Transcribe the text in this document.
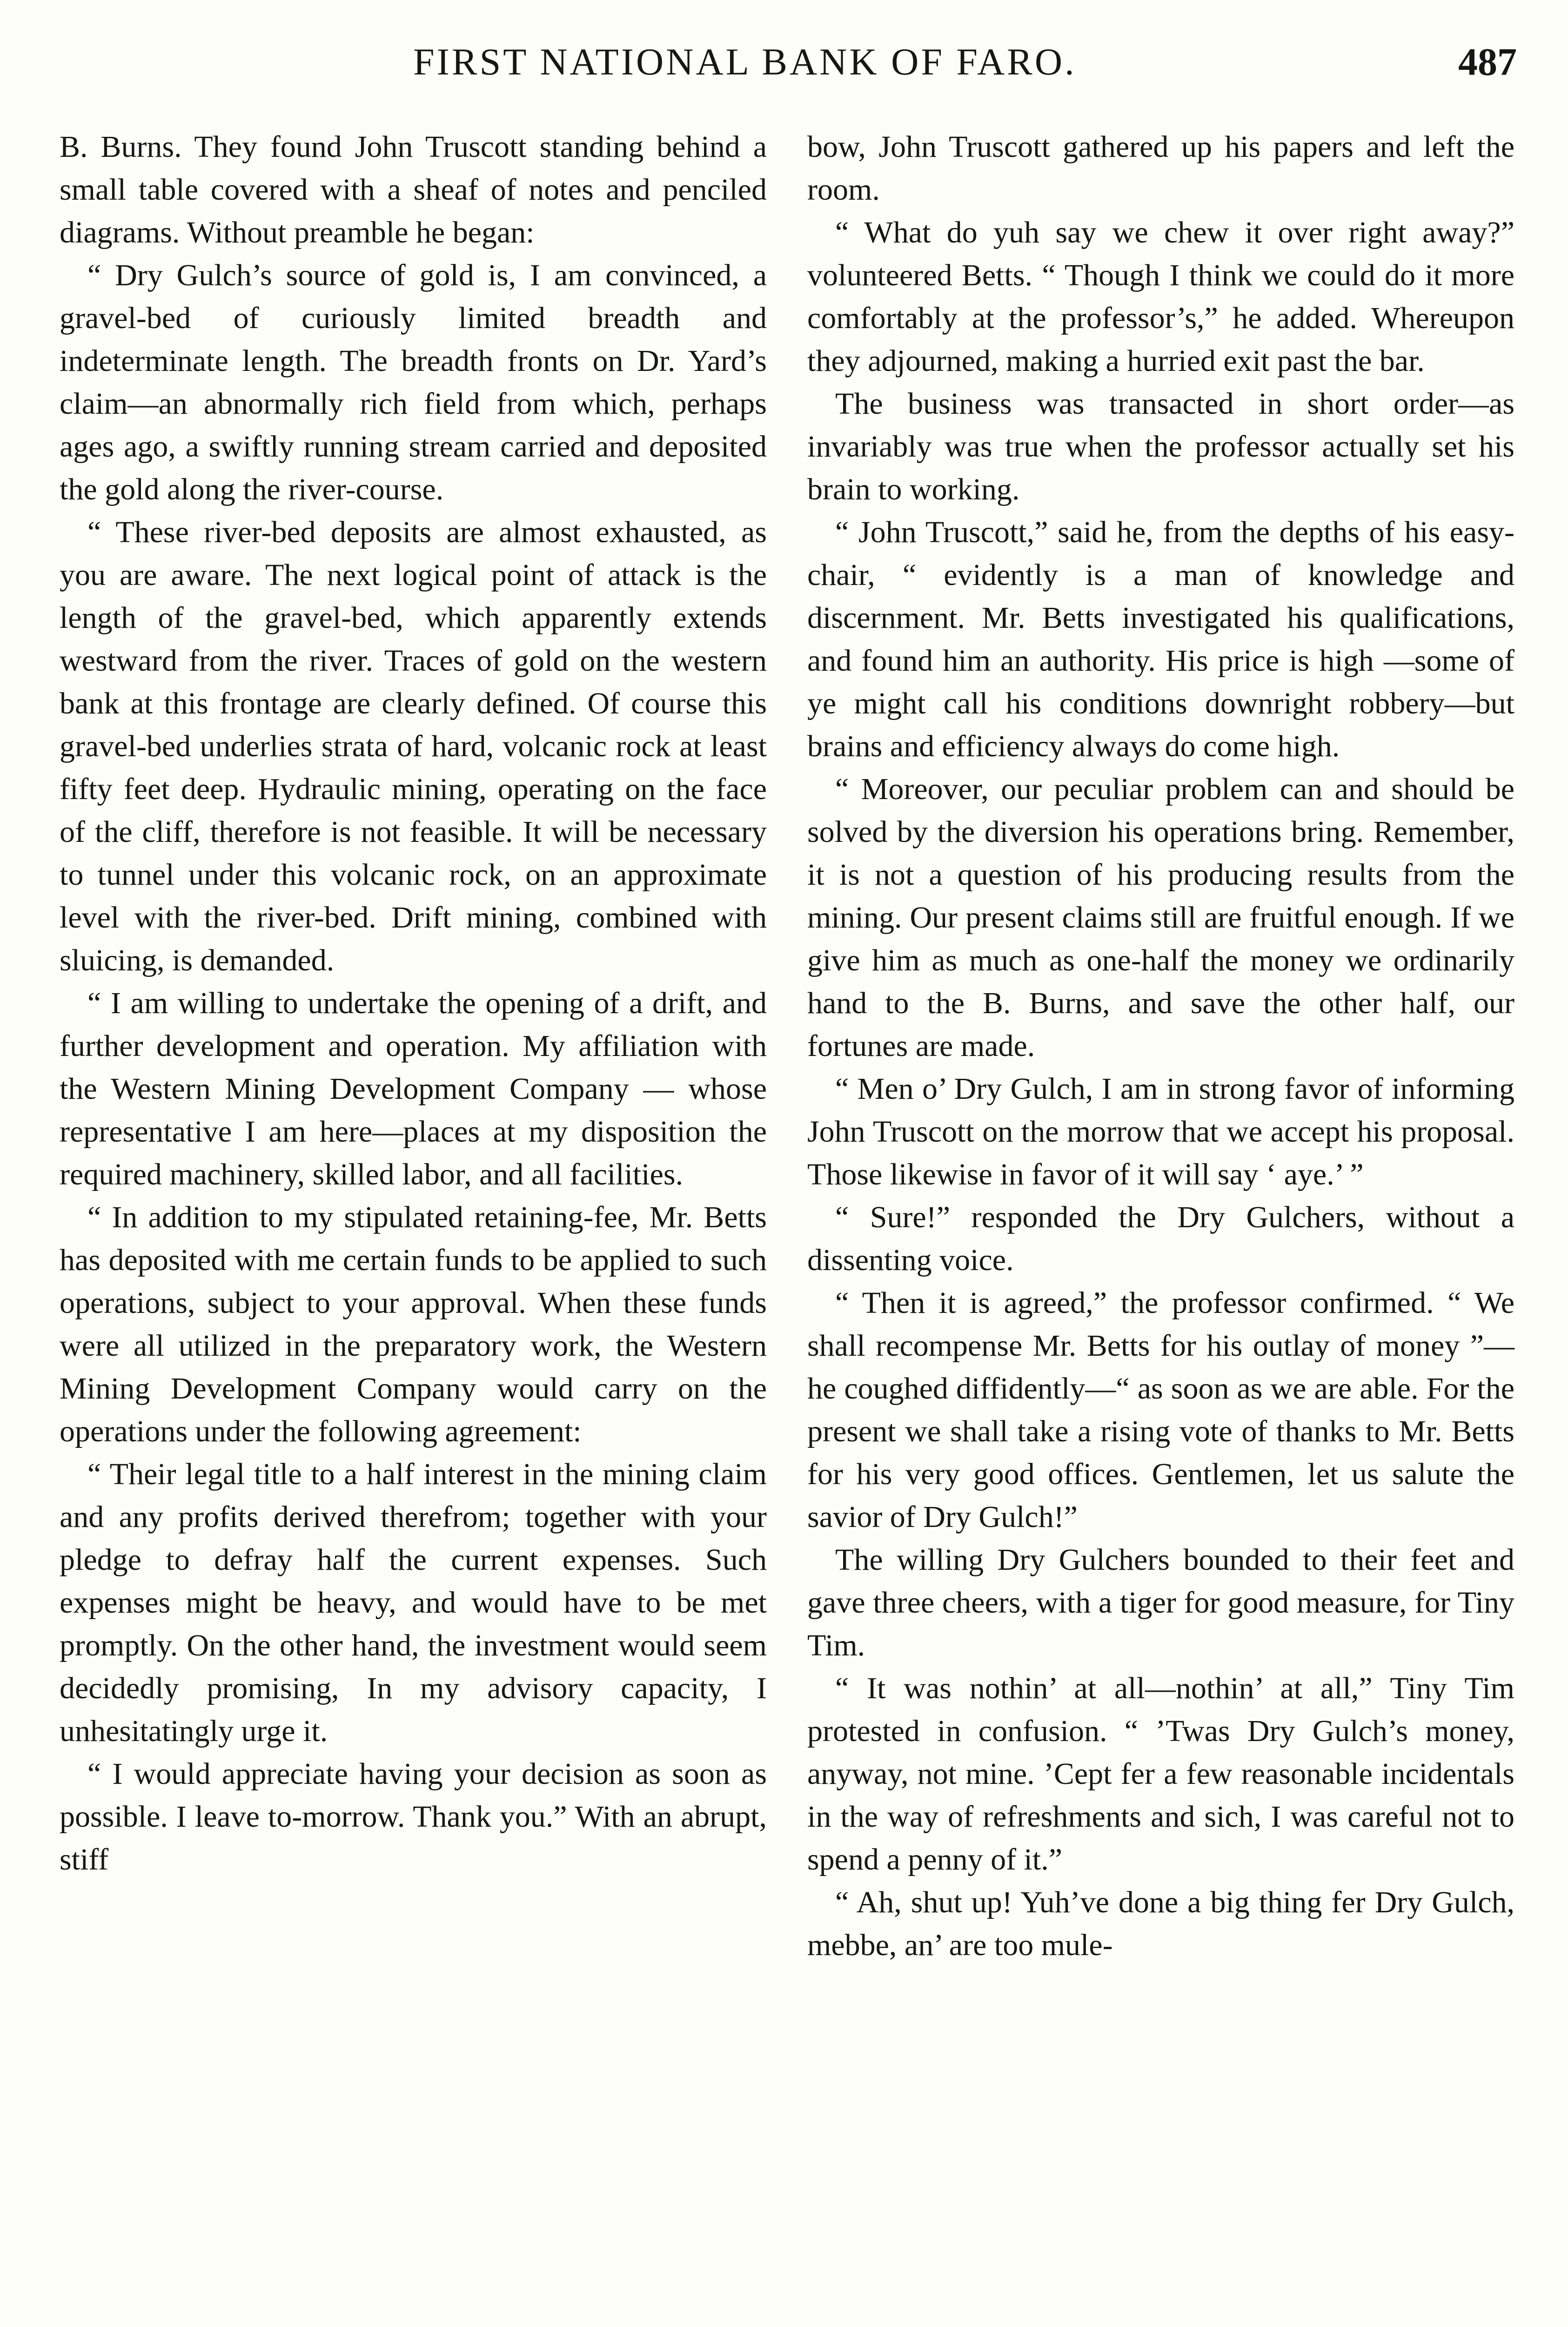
FIRST NATIONAL BANK OF FARO.	487

B. Burns. They found John Truscott standing behind a small table covered with a sheaf of notes and penciled diagrams. Without preamble he began:

“ Dry Gulch’s source of gold is, I am convinced, a gravel-bed of curiously limited breadth and indeterminate length. The breadth fronts on Dr. Yard’s claim—an abnormally rich field from which, perhaps ages ago, a swiftly running stream carried and deposited the gold along the river-course.

“ These river-bed deposits are almost exhausted, as you are aware. The next logical point of attack is the length of the gravel-bed, which apparently extends westward from the river. Traces of gold on the western bank at this frontage are clearly defined. Of course this gravel-bed underlies strata of hard, volcanic rock at least fifty feet deep. Hydraulic mining, operating on the face of the cliff, therefore is not feasible. It will be necessary to tunnel under this volcanic rock, on an approximate level with the river-bed. Drift mining, combined with sluicing, is demanded.

“ I am willing to undertake the opening of a drift, and further development and operation. My affiliation with the Western Mining Development Company — whose representative I am here—places at my disposition the required machinery, skilled labor, and all facilities.

“ In addition to my stipulated retaining-fee, Mr. Betts has deposited with me certain funds to be applied to such operations, subject to your approval. When these funds were all utilized in the preparatory work, the Western Mining Development Company would carry on the operations under the following agreement:

“ Their legal title to a half interest in the mining claim and any profits derived therefrom; together with your pledge to defray half the current expenses. Such expenses might be heavy, and would have to be met promptly. On the other hand, the investment would seem decidedly promising, In my advisory capacity, I unhesitatingly urge it.

“ I would appreciate having your decision as soon as possible. I leave to-morrow. Thank you.” With an abrupt, stiff

bow, John Truscott gathered up his papers and left the room.

“ What do yuh say we chew it over right away?” volunteered Betts. “ Though I think we could do it more comfortably at the professor’s,” he added. Whereupon they adjourned, making a hurried exit past the bar.

The business was transacted in short order—as invariably was true when the professor actually set his brain to working.

“ John Truscott,” said he, from the depths of his easy-chair, “ evidently is a man of knowledge and discernment. Mr. Betts investigated his qualifications, and found him an authority. His price is high —some of ye might call his conditions downright robbery—but brains and efficiency always do come high.

“ Moreover, our peculiar problem can and should be solved by the diversion his operations bring. Remember, it is not a question of his producing results from the mining. Our present claims still are fruitful enough. If we give him as much as one-half the money we ordinarily hand to the B. Burns, and save the other half, our fortunes are made.

“ Men o’ Dry Gulch, I am in strong favor of informing John Truscott on the morrow that we accept his proposal. Those likewise in favor of it will say ‘ aye.’ ”

“ Sure!” responded the Dry Gulchers, without a dissenting voice.

“ Then it is agreed,” the professor confirmed. “ We shall recompense Mr. Betts for his outlay of money ”—he coughed diffidently—“ as soon as we are able. For the present we shall take a rising vote of thanks to Mr. Betts for his very good offices. Gentlemen, let us salute the savior of Dry Gulch!”

The willing Dry Gulchers bounded to their feet and gave three cheers, with a tiger for good measure, for Tiny Tim.

“ It was nothin’ at all—nothin’ at all,” Tiny Tim protested in confusion. “ ’Twas Dry Gulch’s money, anyway, not mine. ’Cept fer a few reasonable incidentals in the way of refreshments and sich, I was careful not to spend a penny of it.”

“ Ah, shut up! Yuh’ve done a big thing fer Dry Gulch, mebbe, an’ are too mule-
